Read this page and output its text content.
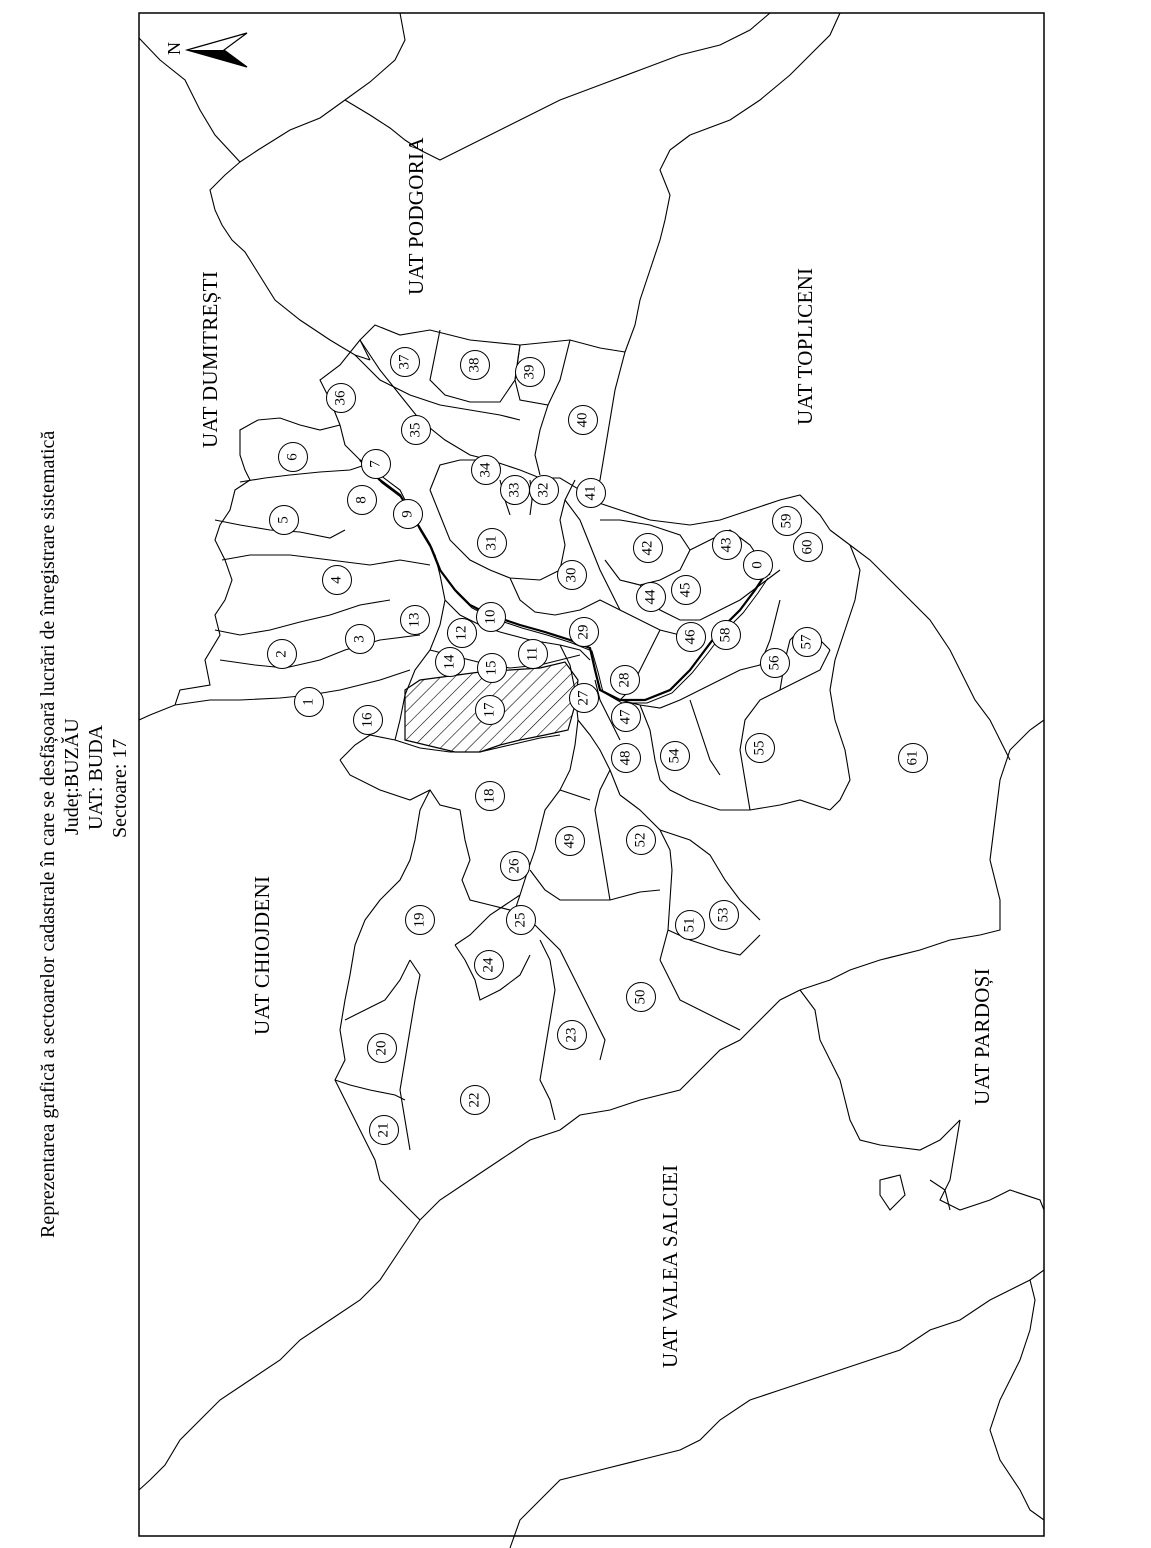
N
Reprezentarea grafică a sectoarelor cadastrale în care se desfășoară lucrări de înregistrare sistematică Județ:BUZĂU UAT: BUDA Sectoare: 17
UAT DUMITREȘTI
UAT PODGORIA
UAT TOPLICENI
UAT CHIOJDENI
UAT VALEA SALCIEI
UAT PARDOȘI
0
1
2
3
4
5
6
7
8
9
10
11
12
13
14 15
16
17
18
19
20
21
22
23
24
25
26
27
28
29
30
31
32
33
34
35
36
37	38	39
40
41
42	43
44 45
46
47
48
49
50
51
52
53
54
55
56
57
58
59
60
61
